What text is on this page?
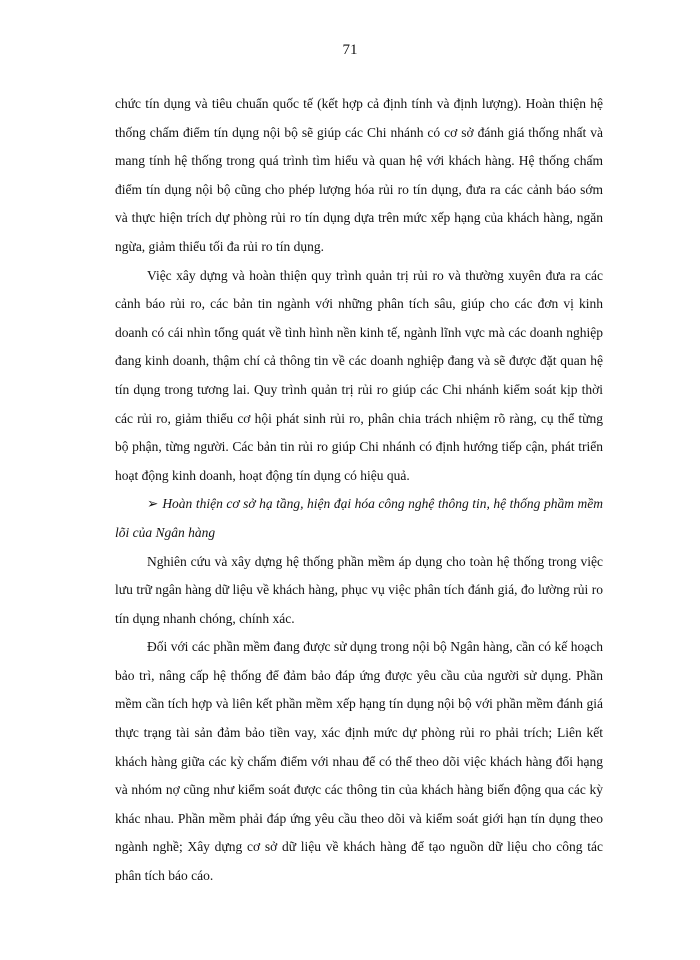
71

chức tín dụng và tiêu chuẩn quốc tế (kết hợp cả định tính và định lượng). Hoàn thiện hệ thống chấm điểm tín dụng nội bộ sẽ giúp các Chi nhánh có cơ sở đánh giá thống nhất và mang tính hệ thống trong quá trình tìm hiểu và quan hệ với khách hàng. Hệ thống chấm điểm tín dụng nội bộ cũng cho phép lượng hóa rủi ro tín dụng, đưa ra các cảnh báo sớm và thực hiện trích dự phòng rủi ro tín dụng dựa trên mức xếp hạng của khách hàng, ngăn ngừa, giảm thiểu tối đa rủi ro tín dụng.

Việc xây dựng và hoàn thiện quy trình quản trị rủi ro và thường xuyên đưa ra các cảnh báo rủi ro, các bản tin ngành với những phân tích sâu, giúp cho các đơn vị kinh doanh có cái nhìn tổng quát về tình hình nền kinh tế, ngành lĩnh vực mà các doanh nghiệp đang kinh doanh, thậm chí cả thông tin về các doanh nghiệp đang và sẽ được đặt quan hệ tín dụng trong tương lai. Quy trình quản trị rủi ro giúp các Chi nhánh kiểm soát kịp thời các rủi ro, giảm thiểu cơ hội phát sinh rủi ro, phân chia trách nhiệm rõ ràng, cụ thể từng bộ phận, từng người. Các bản tin rủi ro giúp Chi nhánh có định hướng tiếp cận, phát triển hoạt động kinh doanh, hoạt động tín dụng có hiệu quả.

➢ Hoàn thiện cơ sở hạ tầng, hiện đại hóa công nghệ thông tin, hệ thống phầm mềm lõi của Ngân hàng

Nghiên cứu và xây dựng hệ thống phần mềm áp dụng cho toàn hệ thống trong việc lưu trữ ngân hàng dữ liệu về khách hàng, phục vụ việc phân tích đánh giá, đo lường rủi ro tín dụng nhanh chóng, chính xác.

Đối với các phần mềm đang được sử dụng trong nội bộ Ngân hàng, cần có kế hoạch bảo trì, nâng cấp hệ thống để đảm bảo đáp ứng được yêu cầu của người sử dụng. Phần mềm cần tích hợp và liên kết phần mềm xếp hạng tín dụng nội bộ với phần mềm đánh giá thực trạng tài sản đảm bảo tiền vay, xác định mức dự phòng rủi ro phải trích; Liên kết khách hàng giữa các kỳ chấm điểm với nhau để có thể theo dõi việc khách hàng đổi hạng và nhóm nợ cũng như kiểm soát được các thông tin của khách hàng biến động qua các kỳ khác nhau. Phần mềm phải đáp ứng yêu cầu theo dõi và kiểm soát giới hạn tín dụng theo ngành nghề; Xây dựng cơ sở dữ liệu về khách hàng để tạo nguồn dữ liệu cho công tác phân tích báo cáo.
